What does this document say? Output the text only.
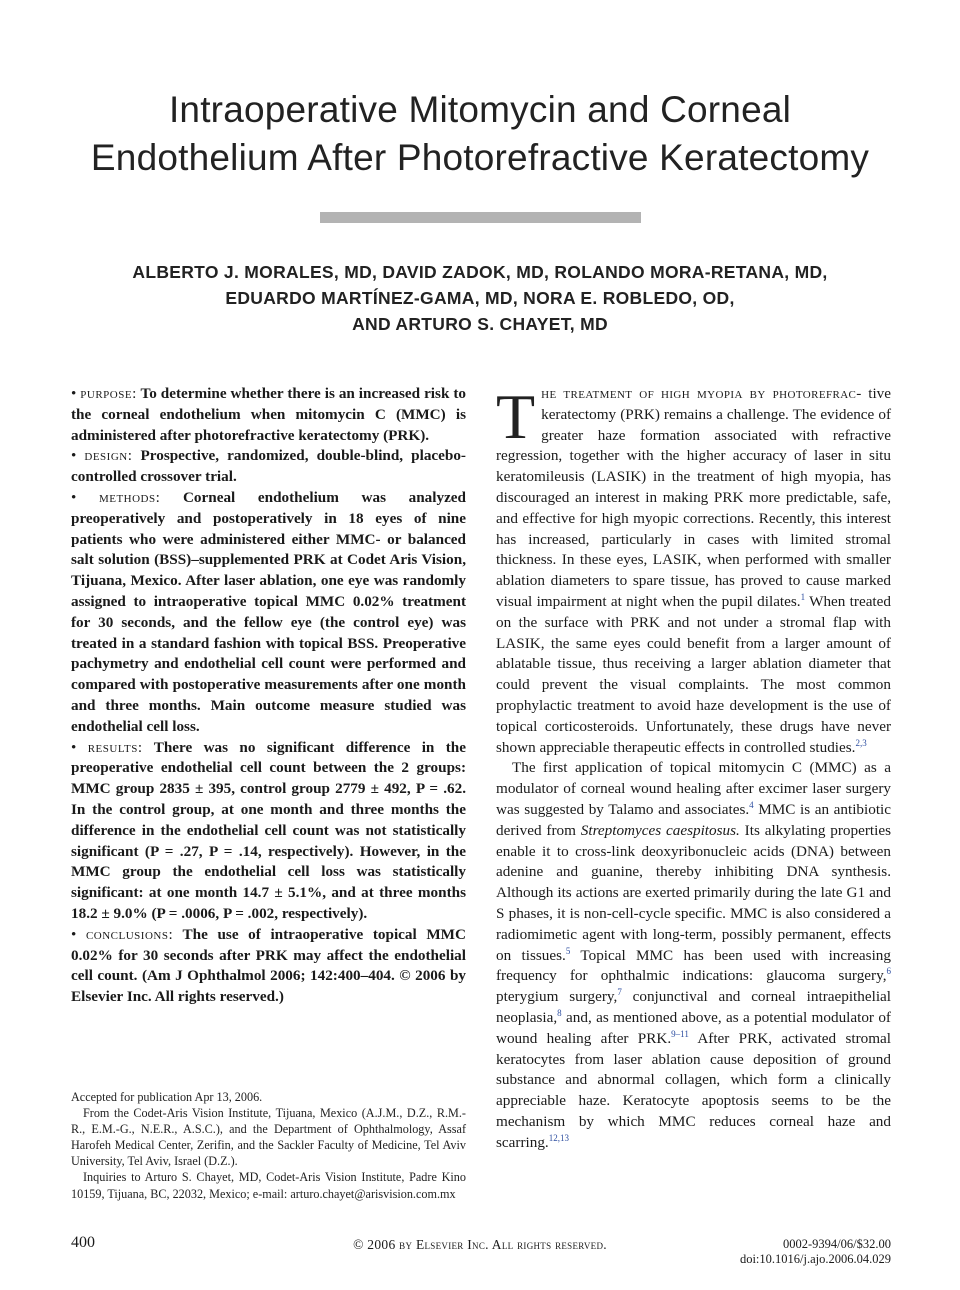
Intraoperative Mitomycin and Corneal
Endothelium After Photorefractive Keratectomy
ALBERTO J. MORALES, MD, DAVID ZADOK, MD, ROLANDO MORA-RETANA, MD,
EDUARDO MARTÍNEZ-GAMA, MD, NORA E. ROBLEDO, OD,
AND ARTURO S. CHAYET, MD

• purpose: To determine whether there is an increased risk to the corneal endothelium when mitomycin C (MMC) is administered after photorefractive keratectomy (PRK).

• design: Prospective, randomized, double-blind, placebo-controlled crossover trial.

• methods: Corneal endothelium was analyzed preoperatively and postoperatively in 18 eyes of nine patients who were administered either MMC- or balanced salt solution (BSS)–supplemented PRK at Codet Aris Vision, Tijuana, Mexico. After laser ablation, one eye was randomly assigned to intraoperative topical MMC 0.02% treatment for 30 seconds, and the fellow eye (the control eye) was treated in a standard fashion with topical BSS. Preoperative pachymetry and endothelial cell count were performed and compared with postoperative measurements after one month and three months. Main outcome measure studied was endothelial cell loss.

• results: There was no significant difference in the preoperative endothelial cell count between the 2 groups: MMC group 2835 ± 395, control group 2779 ± 492, P = .62. In the control group, at one month and three months the difference in the endothelial cell count was not statistically significant (P = .27, P = .14, respectively). However, in the MMC group the endothelial cell loss was statistically significant: at one month 14.7 ± 5.1%, and at three months 18.2 ± 9.0% (P = .0006, P = .002, respectively).

• conclusions: The use of intraoperative topical MMC 0.02% for 30 seconds after PRK may affect the endothelial cell count. (Am J Ophthalmol 2006; 142:400–404. © 2006 by Elsevier Inc. All rights reserved.)

Accepted for publication Apr 13, 2006.

From the Codet-Aris Vision Institute, Tijuana, Mexico (A.J.M., D.Z., R.M.-R., E.M.-G., N.E.R., A.S.C.), and the Department of Ophthalmology, Assaf Harofeh Medical Center, Zerifin, and the Sackler Faculty of Medicine, Tel Aviv University, Tel Aviv, Israel (D.Z.).

Inquiries to Arturo S. Chayet, MD, Codet-Aris Vision Institute, Padre Kino 10159, Tijuana, BC, 22032, Mexico; e-mail: arturo.chayet@arisvision.com.mx

The treatment of high myopia by photorefrac- tive keratectomy (PRK) remains a challenge. The evidence of greater haze formation associated with refractive regression, together with the higher accuracy of laser in situ keratomileusis (LASIK) in the treatment of high myopia, has discouraged an interest in making PRK more predictable, safe, and effective for high myopic corrections. Recently, this interest has increased, particularly in cases with limited stromal thickness. In these eyes, LASIK, when performed with smaller ablation diameters to spare tissue, has proved to cause marked visual impairment at night when the pupil dilates.$^1$ When treated on the surface with PRK and not under a stromal flap with LASIK, the same eyes could benefit from a larger amount of ablatable tissue, thus receiving a larger ablation diameter that could prevent the visual complaints. The most common prophylactic treatment to avoid haze development is the use of topical corticosteroids. Unfortunately, these drugs have never shown appreciable therapeutic effects in controlled studies.$^{2,3}$

The first application of topical mitomycin C (MMC) as a modulator of corneal wound healing after excimer laser surgery was suggested by Talamo and associates.$^4$ MMC is an antibiotic derived from Streptomyces caespitosus. Its alkylating properties enable it to cross-link deoxyribonucleic acids (DNA) between adenine and guanine, thereby inhibiting DNA synthesis. Although its actions are exerted primarily during the late G1 and S phases, it is non-cell-cycle specific. MMC is also considered a radiomimetic agent with long-term, possibly permanent, effects on tissues.$^5$ Topical MMC has been used with increasing frequency for ophthalmic indications: glaucoma surgery,$^6$ pterygium surgery,$^7$ conjunctival and corneal intraepithelial neoplasia,$^8$ and, as mentioned above, as a potential modulator of wound healing after PRK.$^{9-11}$ After PRK, activated stromal keratocytes from laser ablation cause deposition of ground substance and abnormal collagen, which form a clinically appreciable haze. Keratocyte apoptosis seems to be the mechanism by which MMC reduces corneal haze and scarring.$^{12,13}$

400	© 2006 by Elsevier Inc. All rights reserved.	0002-9394/06/$32.00
doi:10.1016/j.ajo.2006.04.029
